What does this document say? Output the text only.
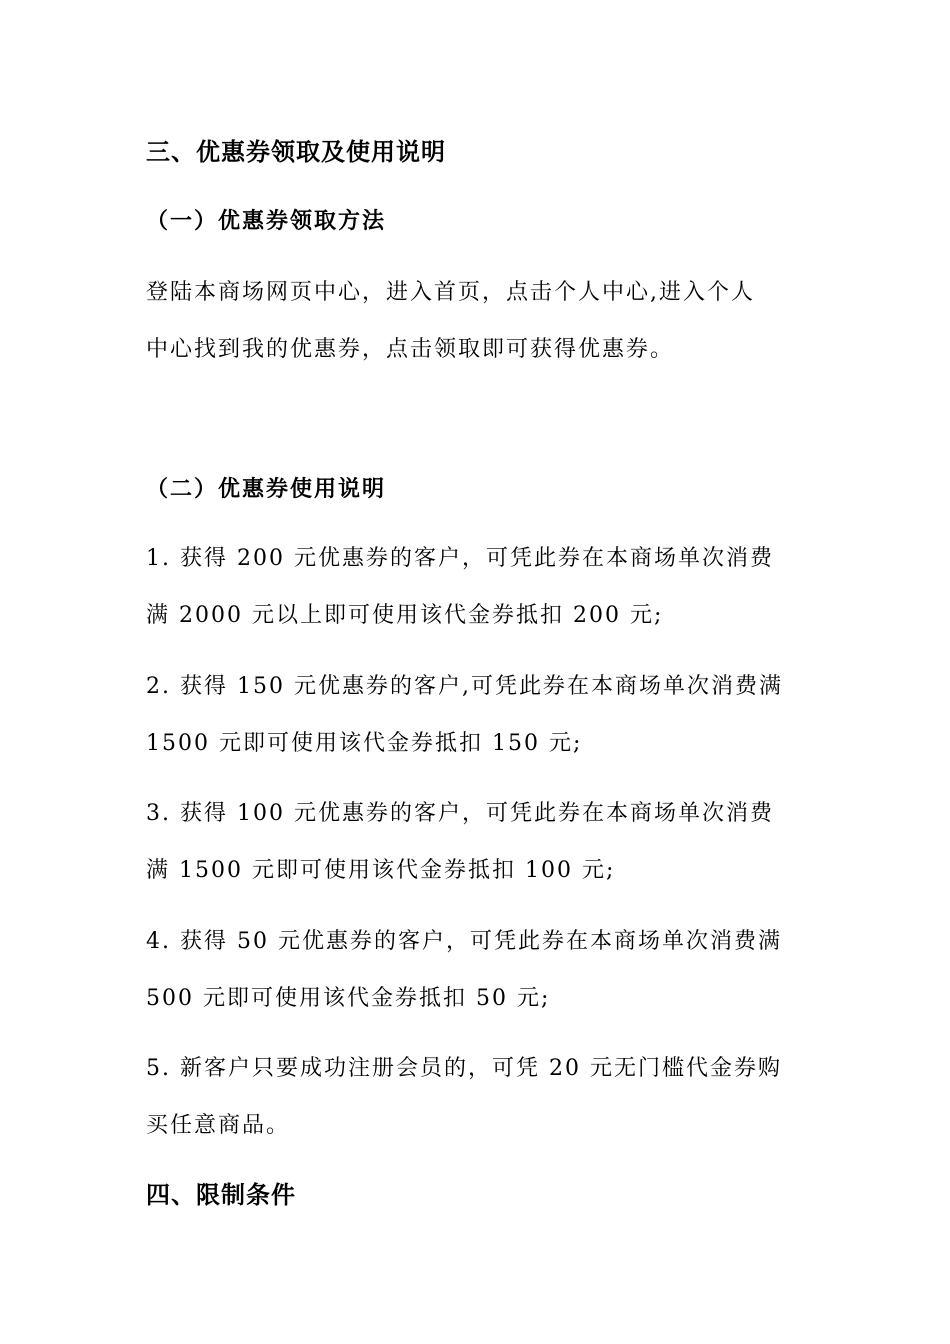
三、优惠券领取及使用说明
（一）优惠券领取方法

登陆本商场网页中心，进入首页，点击个人中心,进入个人
中心找到我的优惠券，点击领取即可获得优惠券。

（二）优惠券使用说明

1. 获得 200 元优惠券的客户，可凭此券在本商场单次消费
满 2000 元以上即可使用该代金券抵扣 200 元;

2. 获得 150 元优惠券的客户,可凭此券在本商场单次消费满
1500 元即可使用该代金券抵扣 150 元;

3. 获得 100 元优惠券的客户，可凭此券在本商场单次消费
满 1500 元即可使用该代金券抵扣 100 元;

4. 获得 50 元优惠券的客户，可凭此券在本商场单次消费满
500 元即可使用该代金券抵扣 50 元;

5. 新客户只要成功注册会员的，可凭 20 元无门槛代金券购
买任意商品。

四、限制条件
